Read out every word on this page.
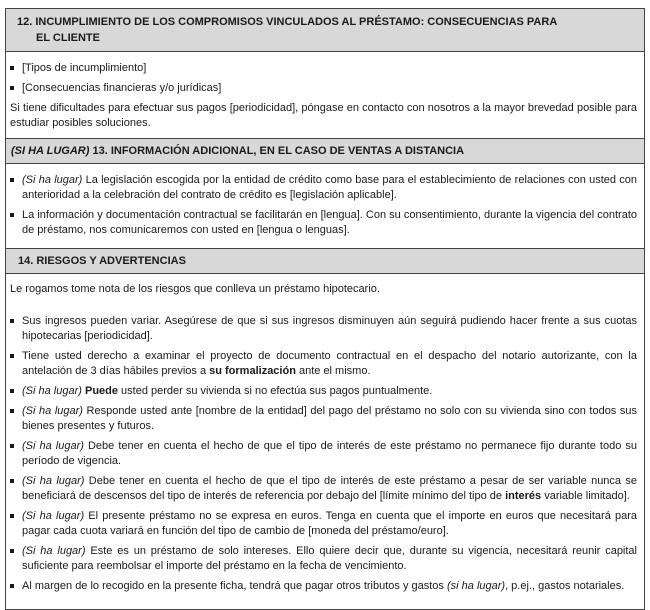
12. INCUMPLIMIENTO DE LOS COMPROMISOS VINCULADOS AL PRÉSTAMO: CONSECUENCIAS PARA
EL CLIENTE
[Tipos de incumplimiento]
[Consecuencias financieras y/o jurídicas]
Si tiene dificultades para efectuar sus pagos [periodicidad], póngase en contacto con nosotros a la mayor brevedad posible para estudiar posibles soluciones.
(SI HA LUGAR) 13. INFORMACIÓN ADICIONAL, EN EL CASO DE VENTAS A DISTANCIA
(Si ha lugar) La legislación escogida por la entidad de crédito como base para el establecimiento de relaciones con usted con anterioridad a la celebración del contrato de crédito es [legislación aplicable].
La información y documentación contractual se facilitarán en [lengua]. Con su consentimiento, durante la vigencia del contrato de préstamo, nos comunicaremos con usted en [lengua o lenguas].
14. RIESGOS Y ADVERTENCIAS
Le rogamos tome nota de los riesgos que conlleva un préstamo hipotecario.
Sus ingresos pueden variar. Asegúrese de que si sus ingresos disminuyen aún seguirá pudiendo hacer frente a sus cuotas hipotecarias [periodicidad].
Tiene usted derecho a examinar el proyecto de documento contractual en el despacho del notario autorizante, con la antelación de 3 días hábiles previos a su formalización ante el mismo.
(Si ha lugar) Puede usted perder su vivienda si no efectúa sus pagos puntualmente.
(Si ha lugar) Responde usted ante [nombre de la entidad] del pago del préstamo no solo con su vivienda sino con todos sus bienes presentes y futuros.
(Si ha lugar) Debe tener en cuenta el hecho de que el tipo de interés de este préstamo no permanece fijo durante todo su período de vigencia.
(Si ha lugar) Debe tener en cuenta el hecho de que el tipo de interés de este préstamo a pesar de ser variable nunca se beneficiará de descensos del tipo de interés de referencia por debajo del [límite mínimo del tipo de interés variable limitado].
(Si ha lugar) El presente préstamo no se expresa en euros. Tenga en cuenta que el importe en euros que necesitará para pagar cada cuota variará en función del tipo de cambio de [moneda del préstamo/euro].
(Si ha lugar) Este es un préstamo de solo intereses. Ello quiere decir que, durante su vigencia, necesitará reunir capital suficiente para reembolsar el importe del préstamo en la fecha de vencimiento.
Al margen de lo recogido en la presente ficha, tendrá que pagar otros tributos y gastos (si ha lugar), p.ej., gastos notariales.
